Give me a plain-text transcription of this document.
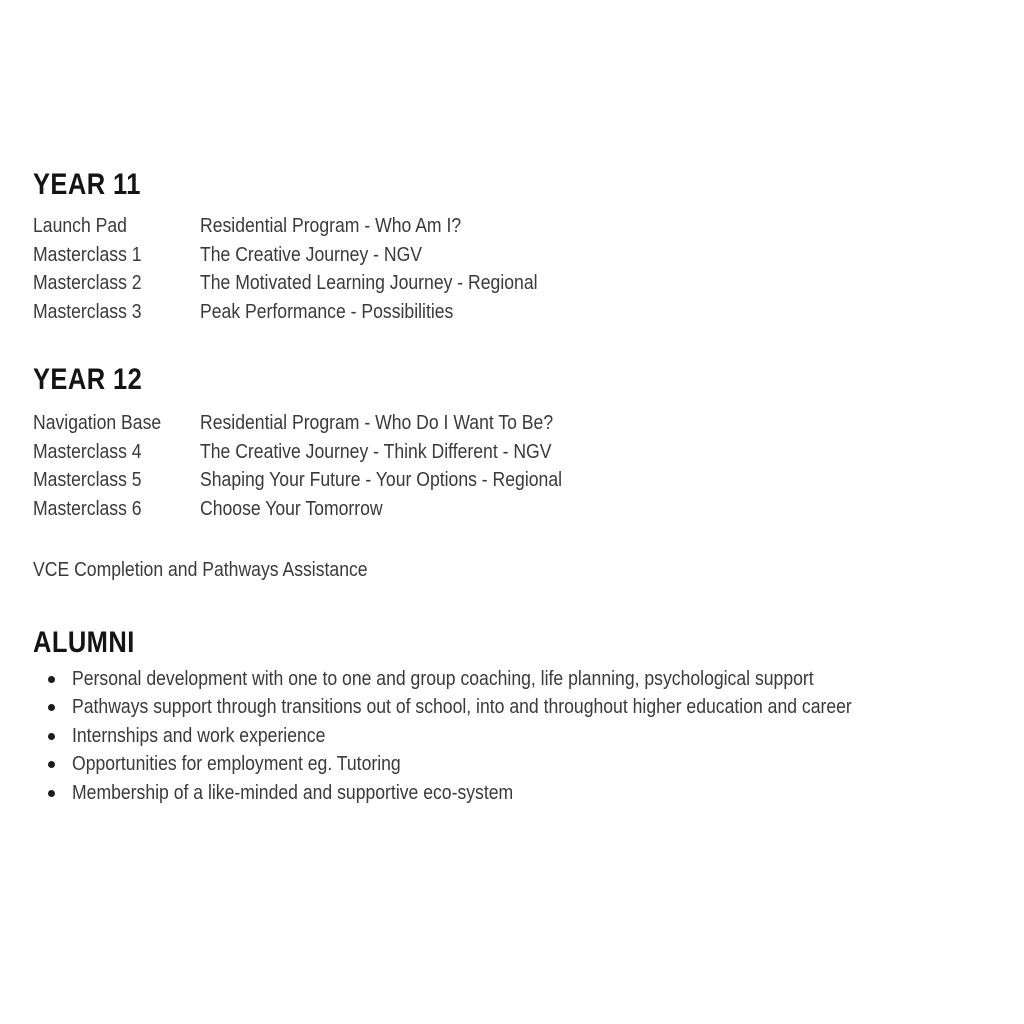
YEAR 11
Launch Pad	Residential Program - Who Am I?
Masterclass 1	The Creative Journey - NGV
Masterclass 2	The Motivated Learning Journey - Regional
Masterclass 3	Peak Performance - Possibilities
YEAR 12
Navigation Base	Residential Program - Who Do I Want To Be?
Masterclass 4	The Creative Journey - Think Different - NGV
Masterclass 5	Shaping Your Future - Your Options - Regional
Masterclass 6	Choose Your Tomorrow
VCE Completion and Pathways Assistance
ALUMNI
Personal development with one to one and group coaching, life planning, psychological support
Pathways support through transitions out of school, into and throughout higher education and career
Internships and work experience
Opportunities for employment eg. Tutoring
Membership of a like-minded and supportive eco-system
